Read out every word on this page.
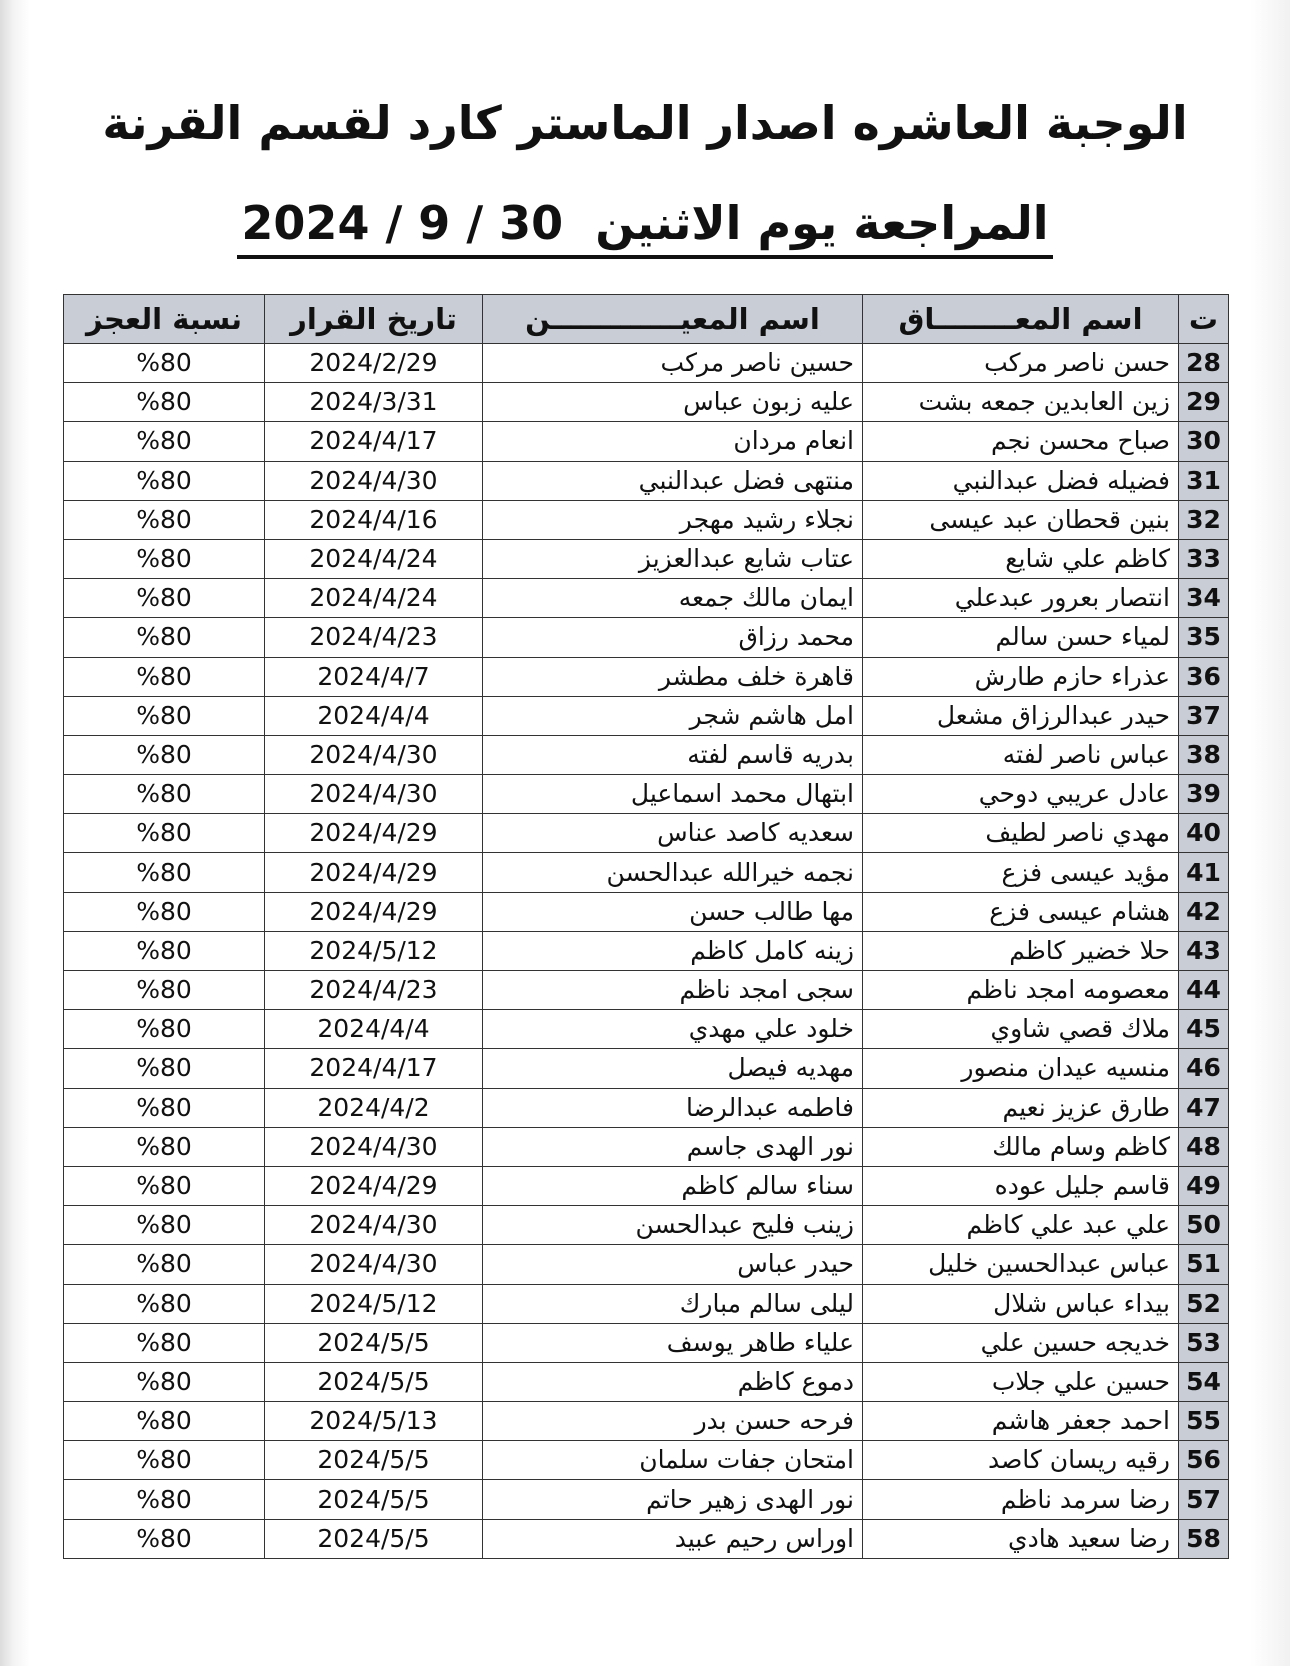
الوجبة العاشره اصدار الماستر كارد لقسم القرنة
المراجعة يوم الاثنين  30 / 9 / 2024
ت	اسم المعــــــــاق	اسم المعيـــــــــــــن	تاريخ القرار	نسبة العجز
28	حسن ناصر مركب	حسين ناصر مركب	2024/2/29	%80
29	زين العابدين جمعه بشت	عليه زبون عباس	2024/3/31	%80
30	صباح محسن نجم	انعام مردان	2024/4/17	%80
31	فضيله فضل عبدالنبي	منتهى فضل عبدالنبي	2024/4/30	%80
32	بنين قحطان عبد عيسى	نجلاء رشيد مهجر	2024/4/16	%80
33	كاظم علي شايع	عتاب شايع عبدالعزيز	2024/4/24	%80
34	انتصار بعرور عبدعلي	ايمان مالك جمعه	2024/4/24	%80
35	لمياء حسن سالم	محمد رزاق	2024/4/23	%80
36	عذراء حازم طارش	قاهرة خلف مطشر	2024/4/7	%80
37	حيدر عبدالرزاق مشعل	امل هاشم شجر	2024/4/4	%80
38	عباس ناصر لفته	بدريه قاسم لفته	2024/4/30	%80
39	عادل عريبي دوحي	ابتهال محمد اسماعيل	2024/4/30	%80
40	مهدي ناصر لطيف	سعديه كاصد عناس	2024/4/29	%80
41	مؤيد عيسى فزع	نجمه خيرالله عبدالحسن	2024/4/29	%80
42	هشام عيسى فزع	مها طالب حسن	2024/4/29	%80
43	حلا خضير كاظم	زينه كامل كاظم	2024/5/12	%80
44	معصومه امجد ناظم	سجى امجد ناظم	2024/4/23	%80
45	ملاك قصي شاوي	خلود علي مهدي	2024/4/4	%80
46	منسيه عيدان منصور	مهديه فيصل	2024/4/17	%80
47	طارق عزيز نعيم	فاطمه عبدالرضا	2024/4/2	%80
48	كاظم وسام مالك	نور الهدى جاسم	2024/4/30	%80
49	قاسم جليل عوده	سناء سالم كاظم	2024/4/29	%80
50	علي عبد علي كاظم	زينب فليح عبدالحسن	2024/4/30	%80
51	عباس عبدالحسين خليل	حيدر عباس	2024/4/30	%80
52	بيداء عباس شلال	ليلى سالم مبارك	2024/5/12	%80
53	خديجه حسين علي	علياء طاهر يوسف	2024/5/5	%80
54	حسين علي جلاب	دموع كاظم	2024/5/5	%80
55	احمد جعفر هاشم	فرحه حسن بدر	2024/5/13	%80
56	رقيه ريسان كاصد	امتحان جفات سلمان	2024/5/5	%80
57	رضا سرمد ناظم	نور الهدى زهير حاتم	2024/5/5	%80
58	رضا سعيد هادي	اوراس رحيم عبيد	2024/5/5	%80
